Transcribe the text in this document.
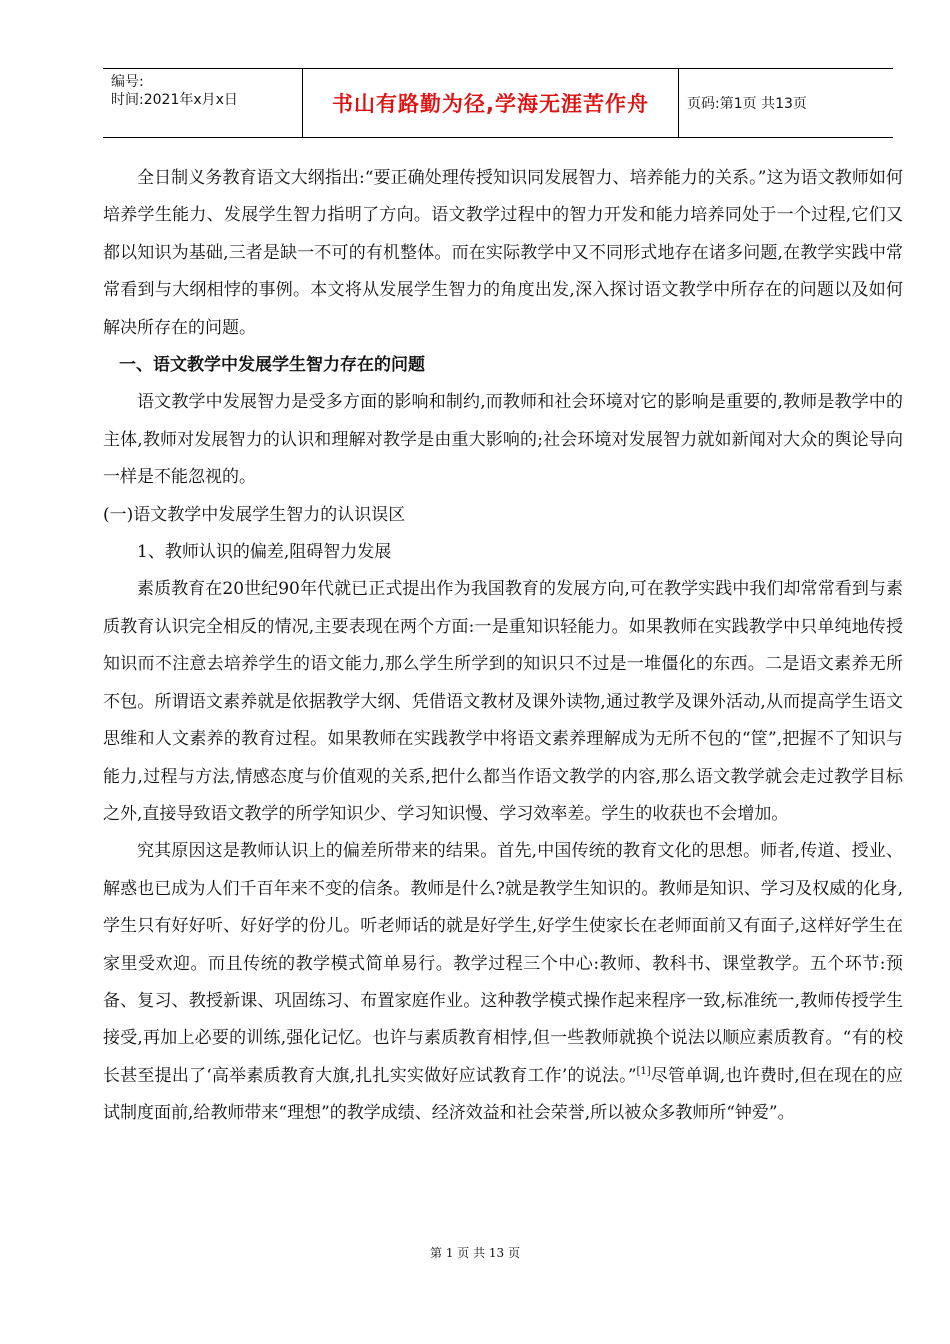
编号:
时间:2021年x月x日	书山有路勤为径,学海无涯苦作舟	页码:第1页 共13页

全日制义务教育语文大纲指出:“要正确处理传授知识同发展智力、培养能力的关系。”这为语文教师如何培养学生能力、发展学生智力指明了方向。语文教学过程中的智力开发和能力培养同处于一个过程,它们又都以知识为基础,三者是缺一不可的有机整体。而在实际教学中又不同形式地存在诸多问题,在教学实践中常常看到与大纲相悖的事例。本文将从发展学生智力的角度出发,深入探讨语文教学中所存在的问题以及如何解决所存在的问题。

一、语文教学中发展学生智力存在的问题

语文教学中发展智力是受多方面的影响和制约,而教师和社会环境对它的影响是重要的,教师是教学中的主体,教师对发展智力的认识和理解对教学是由重大影响的;社会环境对发展智力就如新闻对大众的舆论导向一样是不能忽视的。

(一)语文教学中发展学生智力的认识误区

1、教师认识的偏差,阻碍智力发展

素质教育在20世纪90年代就已正式提出作为我国教育的发展方向,可在教学实践中我们却常常看到与素质教育认识完全相反的情况,主要表现在两个方面:一是重知识轻能力。如果教师在实践教学中只单纯地传授知识而不注意去培养学生的语文能力,那么学生所学到的知识只不过是一堆僵化的东西。二是语文素养无所不包。所谓语文素养就是依据教学大纲、凭借语文教材及课外读物,通过教学及课外活动,从而提高学生语文思维和人文素养的教育过程。如果教师在实践教学中将语文素养理解成为无所不包的“筐”,把握不了知识与能力,过程与方法,情感态度与价值观的关系,把什么都当作语文教学的内容,那么语文教学就会走过教学目标之外,直接导致语文教学的所学知识少、学习知识慢、学习效率差。学生的收获也不会增加。

究其原因这是教师认识上的偏差所带来的结果。首先,中国传统的教育文化的思想。师者,传道、授业、解惑也已成为人们千百年来不变的信条。教师是什么?就是教学生知识的。教师是知识、学习及权威的化身,学生只有好好听、好好学的份儿。听老师话的就是好学生,好学生使家长在老师面前又有面子,这样好学生在家里受欢迎。而且传统的教学模式简单易行。教学过程三个中心:教师、教科书、课堂教学。五个环节:预备、复习、教授新课、巩固练习、布置家庭作业。这种教学模式操作起来程序一致,标准统一,教师传授学生接受,再加上必要的训练,强化记忆。也许与素质教育相悖,但一些教师就换个说法以顺应素质教育。“有的校长甚至提出了‘高举素质教育大旗,扎扎实实做好应试教育工作’的说法。”[1]尽管单调,也许费时,但在现在的应试制度面前,给教师带来“理想”的教学成绩、经济效益和社会荣誉,所以被众多教师所“钟爱”。

第 1 页 共 13 页
